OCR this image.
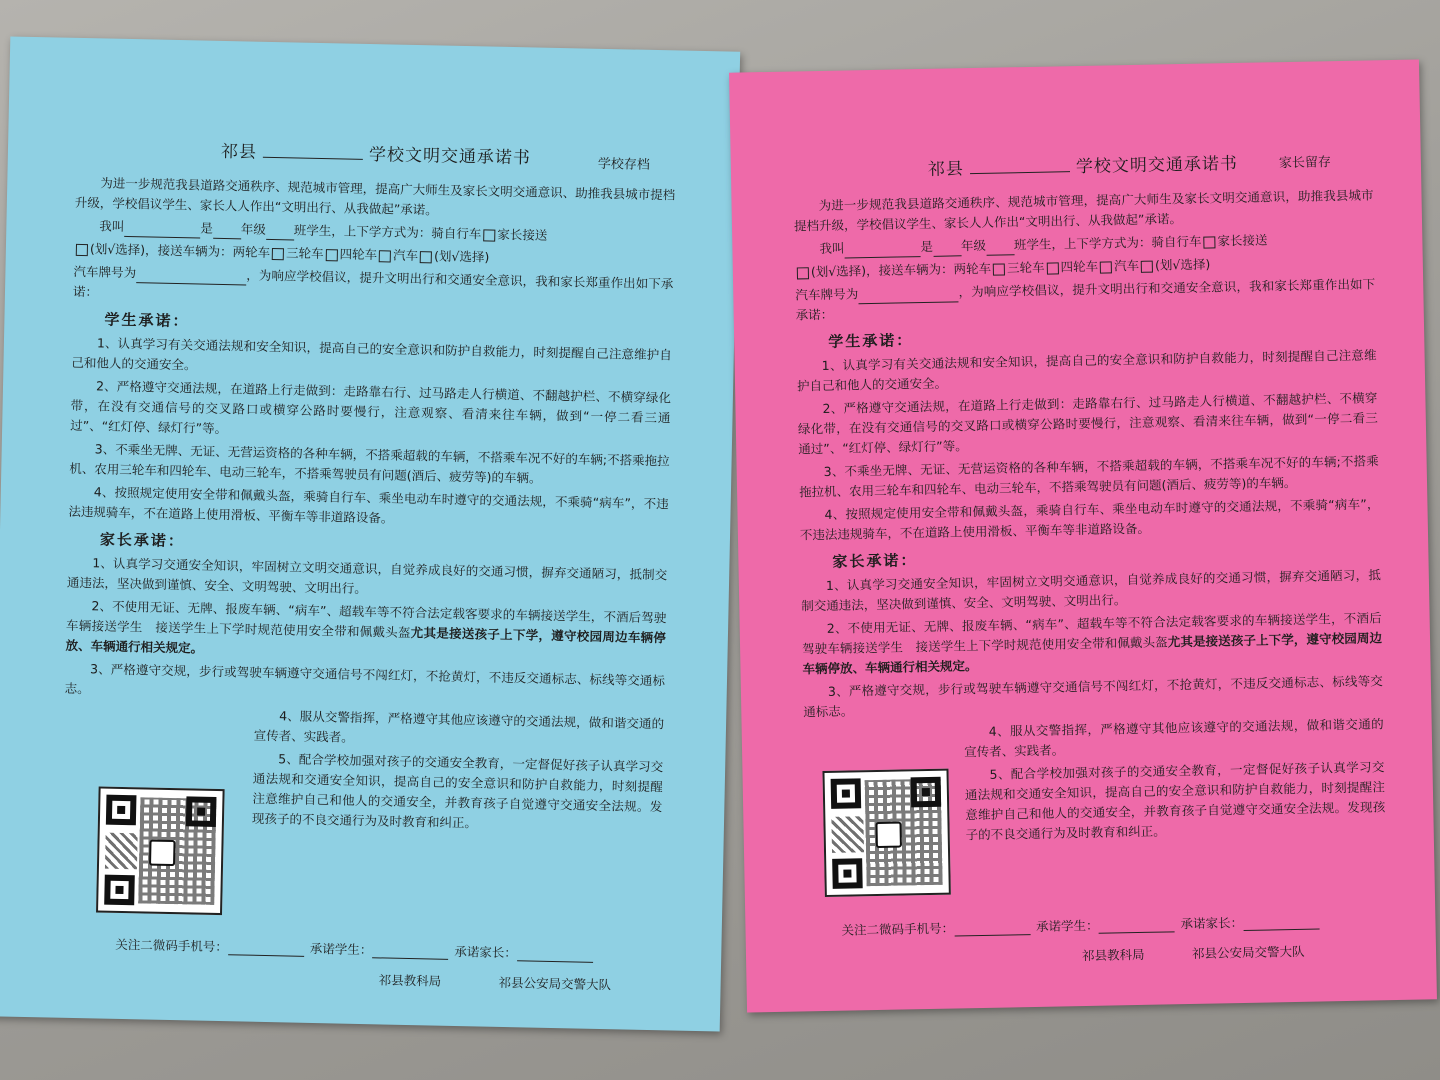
学校存档
祁县	学校文明交通承诺书

为进一步规范我县道路交通秩序、规范城市管理，提高广大师生及家长文明交通意识、助推我县城市提档升级，学校倡议学生、家长人人作出“文明出行、从我做起”承诺。

我叫	是 年级 班学生，上下学方式为：骑自行车 家长接送

(划√选择)，接送车辆为：两轮车 三轮车 四轮车 汽车 (划√选择)

汽车牌号为	，为响应学校倡议，提升文明出行和交通安全意识，我和家长郑重作出如下承诺：

学生承诺：

1、认真学习有关交通法规和安全知识，提高自己的安全意识和防护自救能力，时刻提醒自己注意维护自己和他人的交通安全。

2、严格遵守交通法规，在道路上行走做到：走路靠右行、过马路走人行横道、不翻越护栏、不横穿绿化带，在没有交通信号的交叉路口或横穿公路时要慢行，注意观察、看清来往车辆，做到“一停二看三通过”、“红灯停、绿灯行”等。

3、不乘坐无牌、无证、无营运资格的各种车辆，不搭乘超载的车辆，不搭乘车况不好的车辆;不搭乘拖拉机、农用三轮车和四轮车、电动三轮车，不搭乘驾驶员有问题(酒后、疲劳等)的车辆。

4、按照规定使用安全带和佩戴头盔，乘骑自行车、乘坐电动车时遵守的交通法规，不乘骑“病车”，不违法违规骑车，不在道路上使用滑板、平衡车等非道路设备。

家长承诺：

1、认真学习交通安全知识，牢固树立文明交通意识，自觉养成良好的交通习惯，摒弃交通陋习，抵制交通违法，坚决做到谨慎、安全、文明驾驶、文明出行。

2、不使用无证、无牌、报废车辆、“病车”、超载车等不符合法定载客要求的车辆接送学生，不酒后驾驶车辆接送学生　接送学生上下学时规范使用安全带和佩戴头盔尤其是接送孩子上下学，遵守校园周边车辆停放、车辆通行相关规定。

3、严格遵守交规，步行或驾驶车辆遵守交通信号不闯红灯，不抢黄灯，不违反交通标志、标线等交通标志。

4、服从交警指挥，严格遵守其他应该遵守的交通法规，做和谐交通的宣传者、实践者。

5、配合学校加强对孩子的交通安全教育，一定督促好孩子认真学习交通法规和交通安全知识，提高自己的安全意识和防护自救能力，时刻提醒注意维护自己和他人的交通安全，并教育孩子自觉遵守交通安全法规。发现孩子的不良交通行为及时教育和纠正。

关注二微码手机号：	承诺学生：	承诺家长：
祁县教科局	祁县公安局交警大队
家长留存
祁县	学校文明交通承诺书

为进一步规范我县道路交通秩序、规范城市管理，提高广大师生及家长文明交通意识，助推我县城市提档升级，学校倡议学生、家长人人作出“文明出行、从我做起”承诺。

我叫	是 年级 班学生，上下学方式为：骑自行车 家长接送

(划√选择)，接送车辆为：两轮车 三轮车 四轮车 汽车 (划√选择)

汽车牌号为	，为响应学校倡议，提升文明出行和交通安全意识，我和家长郑重作出如下承诺：

学生承诺：

1、认真学习有关交通法规和安全知识，提高自己的安全意识和防护自救能力，时刻提醒自己注意维护自己和他人的交通安全。

2、严格遵守交通法规，在道路上行走做到：走路靠右行、过马路走人行横道、不翻越护栏、不横穿绿化带，在没有交通信号的交叉路口或横穿公路时要慢行，注意观察、看清来往车辆，做到“一停二看三通过”、“红灯停、绿灯行”等。

3、不乘坐无牌、无证、无营运资格的各种车辆，不搭乘超载的车辆，不搭乘车况不好的车辆;不搭乘拖拉机、农用三轮车和四轮车、电动三轮车，不搭乘驾驶员有问题(酒后、疲劳等)的车辆。

4、按照规定使用安全带和佩戴头盔，乘骑自行车、乘坐电动车时遵守的交通法规，不乘骑“病车”，不违法违规骑车，不在道路上使用滑板、平衡车等非道路设备。

家长承诺：

1、认真学习交通安全知识，牢固树立文明交通意识，自觉养成良好的交通习惯，摒弃交通陋习，抵制交通违法，坚决做到谨慎、安全、文明驾驶、文明出行。

2、不使用无证、无牌、报废车辆、“病车”、超载车等不符合法定载客要求的车辆接送学生，不酒后驾驶车辆接送学生　接送学生上下学时规范使用安全带和佩戴头盔尤其是接送孩子上下学，遵守校园周边车辆停放、车辆通行相关规定。

3、严格遵守交规，步行或驾驶车辆遵守交通信号不闯红灯，不抢黄灯，不违反交通标志、标线等交通标志。

4、服从交警指挥，严格遵守其他应该遵守的交通法规，做和谐交通的宣传者、实践者。

5、配合学校加强对孩子的交通安全教育，一定督促好孩子认真学习交通法规和交通安全知识，提高自己的安全意识和防护自救能力，时刻提醒注意维护自己和他人的交通安全，并教育孩子自觉遵守交通安全法规。发现孩子的不良交通行为及时教育和纠正。

关注二微码手机号：	承诺学生：	承诺家长：
祁县教科局	祁县公安局交警大队
